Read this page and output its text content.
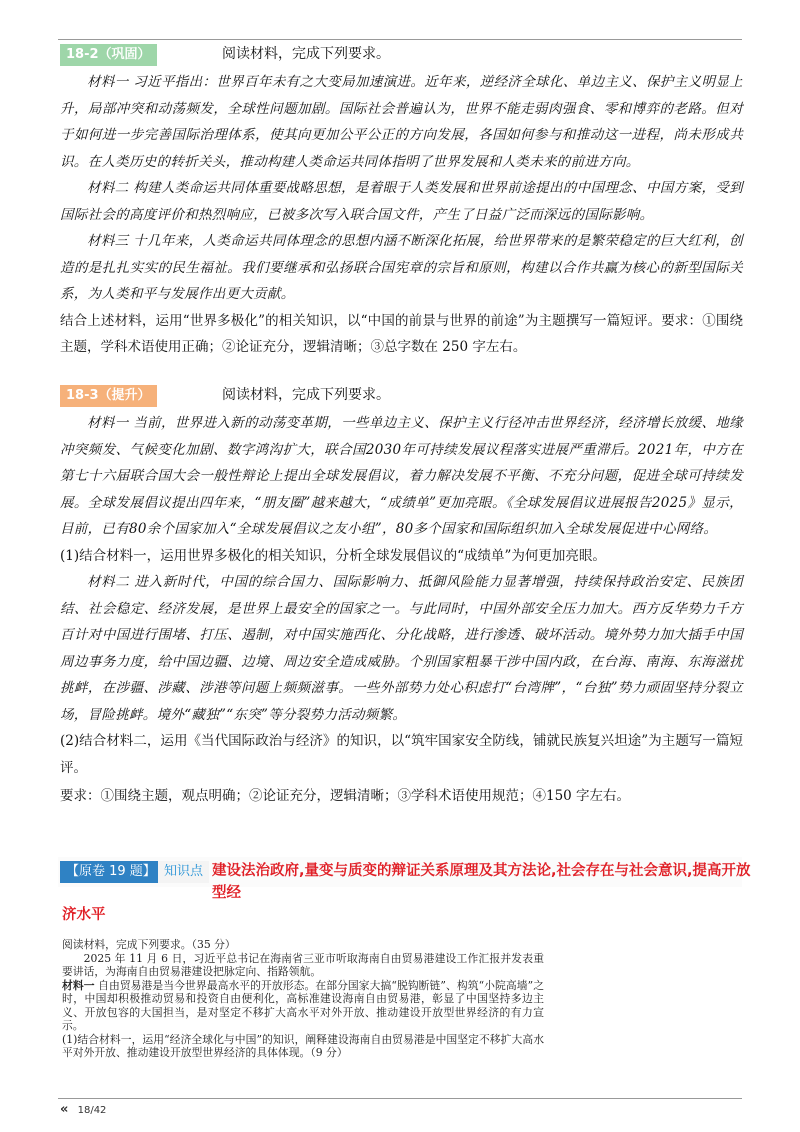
18-2（巩固）	阅读材料，完成下列要求。

材料一 习近平指出：世界百年未有之大变局加速演进。近年来，逆经济全球化、单边主义、保护主义明显上升，局部冲突和动荡频发，全球性问题加剧。国际社会普遍认为，世界不能走弱肉强食、零和博弈的老路。但对于如何进一步完善国际治理体系，使其向更加公平公正的方向发展，各国如何参与和推动这一进程，尚未形成共识。在人类历史的转折关头，推动构建人类命运共同体指明了世界发展和人类未来的前进方向。

材料二 构建人类命运共同体重要战略思想，是着眼于人类发展和世界前途提出的中国理念、中国方案，受到国际社会的高度评价和热烈响应，已被多次写入联合国文件，产生了日益广泛而深远的国际影响。

材料三 十几年来，人类命运共同体理念的思想内涵不断深化拓展，给世界带来的是繁荣稳定的巨大红利，创造的是扎扎实实的民生福祉。我们要继承和弘扬联合国宪章的宗旨和原则，构建以合作共赢为核心的新型国际关系，为人类和平与发展作出更大贡献。

结合上述材料，运用“世界多极化”的相关知识，以“中国的前景与世界的前途”为主题撰写一篇短评。要求：①围绕主题，学科术语使用正确；②论证充分，逻辑清晰；③总字数在 250 字左右。

18-3（提升）	阅读材料，完成下列要求。

材料一 当前，世界进入新的动荡变革期，一些单边主义、保护主义行径冲击世界经济，经济增长放缓、地缘冲突频发、气候变化加剧、数字鸿沟扩大，联合国2030年可持续发展议程落实进展严重滞后。2021年，中方在第七十六届联合国大会一般性辩论上提出全球发展倡议，着力解决发展不平衡、不充分问题，促进全球可持续发展。全球发展倡议提出四年来，“朋友圈”越来越大，“成绩单”更加亮眼。《全球发展倡议进展报告2025》显示，目前，已有80余个国家加入“全球发展倡议之友小组”，80多个国家和国际组织加入全球发展促进中心网络。

(1)结合材料一，运用世界多极化的相关知识，分析全球发展倡议的“成绩单”为何更加亮眼。

材料二 进入新时代，中国的综合国力、国际影响力、抵御风险能力显著增强，持续保持政治安定、民族团结、社会稳定、经济发展，是世界上最安全的国家之一。与此同时，中国外部安全压力加大。西方反华势力千方百计对中国进行围堵、打压、遏制，对中国实施西化、分化战略，进行渗透、破坏活动。境外势力加大插手中国周边事务力度，给中国边疆、边境、周边安全造成威胁。个别国家粗暴干涉中国内政，在台海、南海、东海滋扰挑衅，在涉疆、涉藏、涉港等问题上频频滋事。一些外部势力处心积虑打“台湾牌”，“台独”势力顽固坚持分裂立场，冒险挑衅。境外“藏独”“东突”等分裂势力活动频繁。

(2)结合材料二，运用《当代国际政治与经济》的知识，以“筑牢国家安全防线，铺就民族复兴坦途”为主题写一篇短评。

要求：①围绕主题，观点明确；②论证充分，逻辑清晰；③学科术语使用规范；④150 字左右。

【原卷 19 题】 知识点 建设法治政府,量变与质变的辩证关系原理及其方法论,社会存在与社会意识,提高开放型经
济水平

阅读材料，完成下列要求。（35 分）

2025 年 11 月 6 日，习近平总书记在海南省三亚市听取海南自由贸易港建设工作汇报并发表重要讲话，为海南自由贸易港建设把脉定向、指路领航。

材料一 自由贸易港是当今世界最高水平的开放形态。在部分国家大搞“脱钩断链”、构筑“小院高墙”之时，中国却积极推动贸易和投资自由便利化，高标准建设海南自由贸易港，彰显了中国坚持多边主义、开放包容的大国担当，是对坚定不移扩大高水平对外开放、推动建设开放型世界经济的有力宣示。

(1)结合材料一，运用“经济全球化与中国”的知识，阐释建设海南自由贸易港是中国坚定不移扩大高水平对外开放、推动建设开放型世界经济的具体体现。（9 分）

« 18/42
